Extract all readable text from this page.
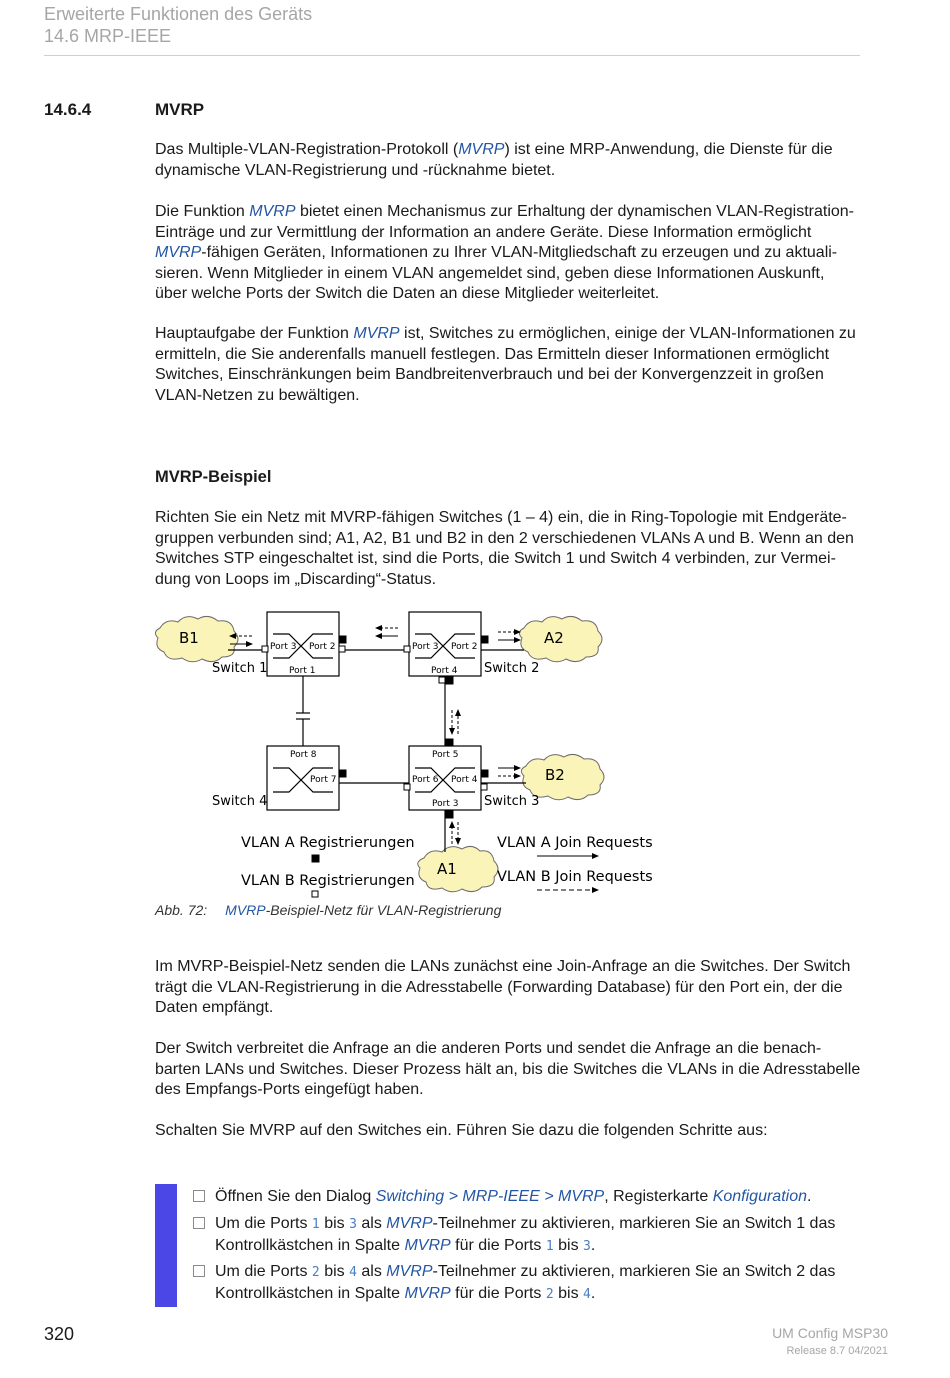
Erweiterte Funktionen des Geräts
14.6 MRP-IEEE
14.6.4	MVRP
Das Multiple-VLAN-Registration-Protokoll (MVRP) ist eine MRP-Anwendung, die Dienste für die
dynamische VLAN-Registrierung und -rücknahme bietet.
Die Funktion MVRP bietet einen Mechanismus zur Erhaltung der dynamischen VLAN-Registration-
Einträge und zur Vermittlung der Information an andere Geräte. Diese Information ermöglicht
MVRP-fähigen Geräten, Informationen zu Ihrer VLAN-Mitgliedschaft zu erzeugen und zu aktuali-
sieren. Wenn Mitglieder in einem VLAN angemeldet sind, geben diese Informationen Auskunft,
über welche Ports der Switch die Daten an diese Mitglieder weiterleitet.
Hauptaufgabe der Funktion MVRP ist, Switches zu ermöglichen, einige der VLAN-Informationen zu
ermitteln, die Sie anderenfalls manuell festlegen. Das Ermitteln dieser Informationen ermöglicht
Switches, Einschränkungen beim Bandbreitenverbrauch und bei der Konvergenzzeit in großen
VLAN-Netzen zu bewältigen.
MVRP-Beispiel
Richten Sie ein Netz mit MVRP-fähigen Switches (1 – 4) ein, die in Ring-Topologie mit Endgeräte-
gruppen verbunden sind; A1, A2, B1 und B2 in den 2 verschiedenen VLANs A und B. Wenn an den
Switches STP eingeschaltet ist, sind die Ports, die Switch 1 und Switch 4 verbinden, zur Vermei-
dung von Loops im „Discarding“-Status.
B1	A2
B2
A1
Port 3 Port 2
Port 1
Switch 1
Port 3 Port 2
Port 4 Switch 2
Port 5
Port 6 Port 4
Port 3 Switch 3
Port 8
Port 7
Switch 4
VLAN A Registrierungen
VLAN B Registrierungen
VLAN A Join Requests
VLAN B Join Requests
Abb. 72: MVRP-Beispiel-Netz für VLAN-Registrierung
Im MVRP-Beispiel-Netz senden die LANs zunächst eine Join-Anfrage an die Switches. Der Switch
trägt die VLAN-Registrierung in die Adresstabelle (Forwarding Database) für den Port ein, der die
Daten empfängt.
Der Switch verbreitet die Anfrage an die anderen Ports und sendet die Anfrage an die benach-
barten LANs und Switches. Dieser Prozess hält an, bis die Switches die VLANs in die Adresstabelle
des Empfangs-Ports eingefügt haben.
Schalten Sie MVRP auf den Switches ein. Führen Sie dazu die folgenden Schritte aus:
Öffnen Sie den Dialog Switching > MRP-IEEE > MVRP, Registerkarte Konfiguration.
Um die Ports 1 bis 3 als MVRP-Teilnehmer zu aktivieren, markieren Sie an Switch 1 das
Kontrollkästchen in Spalte MVRP für die Ports 1 bis 3.
Um die Ports 2 bis 4 als MVRP-Teilnehmer zu aktivieren, markieren Sie an Switch 2 das
Kontrollkästchen in Spalte MVRP für die Ports 2 bis 4.
320	UM Config MSP30
Release 8.7 04/2021
